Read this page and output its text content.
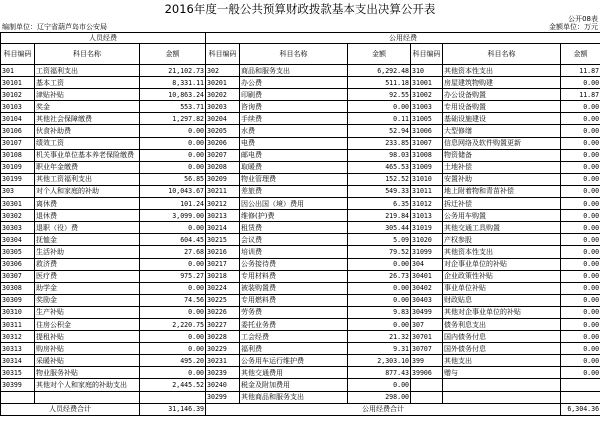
2016年度一般公共预算财政拨款基本支出决算公开表
公开08表
编制单位：辽宁省葫芦岛市公安局	金额单位：万元
人员经费			公用经费					

科目编码	科目名称	金额	科目编码	科目名称	金额	科目编码	科目名称	金额
301	工资福利支出	21,102.73	302	商品和服务支出	6,292.48	310	其他资本性支出	11.87
30101	基本工资	8,331.11	30201	办公费	511.18	31001	房屋建筑物购建	0.00
30102	津贴补贴	10,863.24	30202	印刷费	92.55	31002	办公设备购置	11.87
30103	奖金	553.71	30203	咨询费	0.00	31003	专用设备购置	0.00
30104	其他社会保障缴费	1,297.82	30204	手续费	0.11	31005	基础设施建设	0.00
30106	伙食补助费	0.00	30205	水费	52.94	31006	大型修缮	0.00
30107	绩效工资	0.00	30206	电费	233.85	31007	信息网络及软件购置更新	0.00
30108	机关事业单位基本养老保险缴费	0.00	30207	邮电费	98.03	31008	物资储备	0.00
30109	职业年金缴费	0.00	30208	取暖费	465.53	31009	土地补偿	0.00
30199	其他工资福利支出	56.85	30209	物业管理费	152.52	31010	安置补助	0.00
303	对个人和家庭的补助	10,043.67	30211	差旅费	549.33	31011	地上附着物和青苗补偿	0.00
30301	离休费	101.24	30212	因公出国（境）费用	6.35	31012	拆迁补偿	0.00
30302	退休费	3,099.00	30213	维修(护)费	219.84	31013	公务用车购置	0.00
30303	退职（役）费	0.00	30214	租赁费	305.44	31019	其他交通工具购置	0.00
30304	抚恤金	604.45	30215	会议费	5.09	31020	产权参股	0.00
30305	生活补助	27.68	30216	培训费	79.52	31099	其他资本性支出	0.00
30306	救济费	0.00	30217	公务接待费	0.00	304	对企事业单位的补贴	0.00
30307	医疗费	975.27	30218	专用材料费	26.73	30401	企业政策性补贴	0.00
30308	助学金	0.00	30224	被装购置费	0.00	30402	事业单位补贴	0.00
30309	奖励金	74.56	30225	专用燃料费	0.00	30403	财政贴息	0.00
30310	生产补贴	0.00	30226	劳务费	9.83	30499	其他对企事业单位的补贴	0.00
30311	住房公积金	2,220.75	30227	委托业务费	0.00	307	债务利息支出	0.00
30312	提租补贴	0.00	30228	工会经费	21.32	30701	国内债务付息	0.00
30313	购房补贴	0.00	30229	福利费	9.31	30707	国外债务付息	0.00
30314	采暖补贴	495.20	30231	公务用车运行维护费	2,303.10	399	其他支出	0.00
30315	物业服务补贴	0.00	30239	其他交通费用	877.43	39906	赠与	0.00
30399	其他对个人和家庭的补助支出	2,445.52	30240	税金及附加费用	0.00			
			30299	其他商品和服务支出	298.00			
人员经费合计		31,146.39	公用经费合计					6,304.36
